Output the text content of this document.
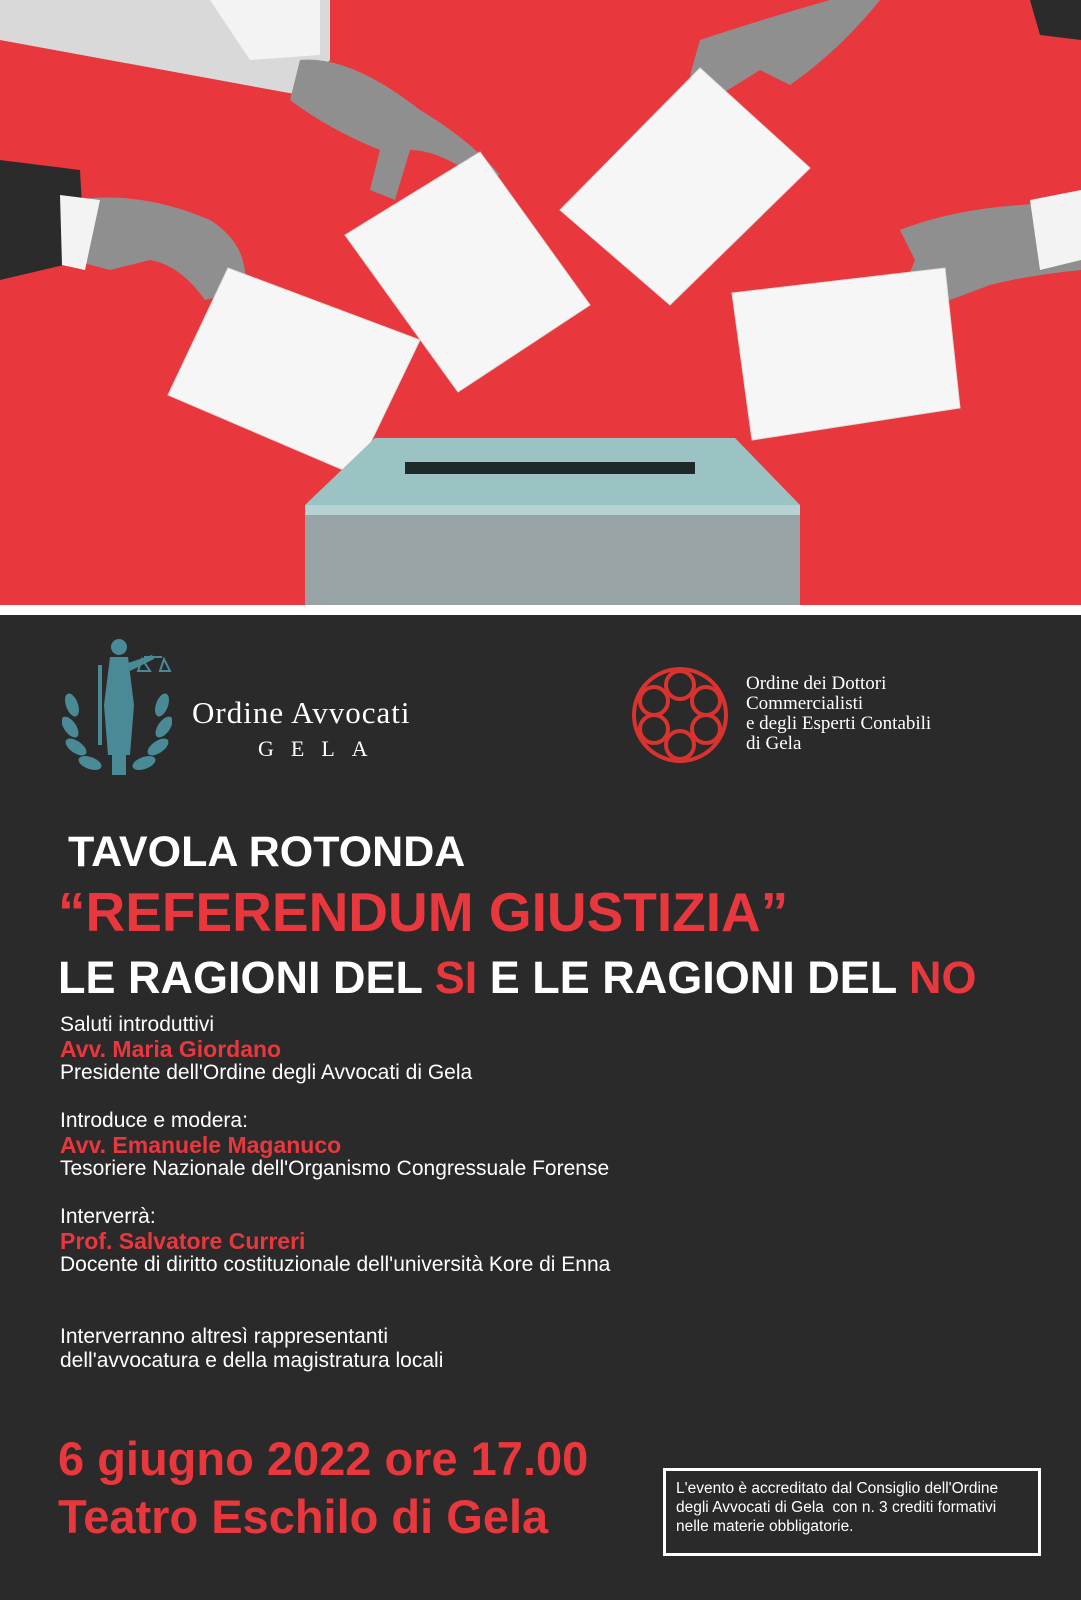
Ordine Avvocati
GELA
Ordine dei Dottori
Commercialisti
e degli Esperti Contabili
di Gela
TAVOLA ROTONDA
“REFERENDUM GIUSTIZIA”
LE RAGIONI DEL SI E LE RAGIONI DEL NO
Saluti introduttivi
Avv. Maria Giordano
Presidente dell'Ordine degli Avvocati di Gela
Introduce e modera:
Avv. Emanuele Maganuco
Tesoriere Nazionale dell'Organismo Congressuale Forense
Interverrà:
Prof. Salvatore Curreri
Docente di diritto costituzionale dell'università Kore di Enna
Interverranno altresì rappresentanti
dell'avvocatura e della magistratura locali
6 giugno 2022 ore 17.00
Teatro Eschilo di Gela
L'evento è accreditato dal Consiglio dell'Ordine
degli Avvocati di Gela  con n. 3 crediti formativi
nelle materie obbligatorie.
